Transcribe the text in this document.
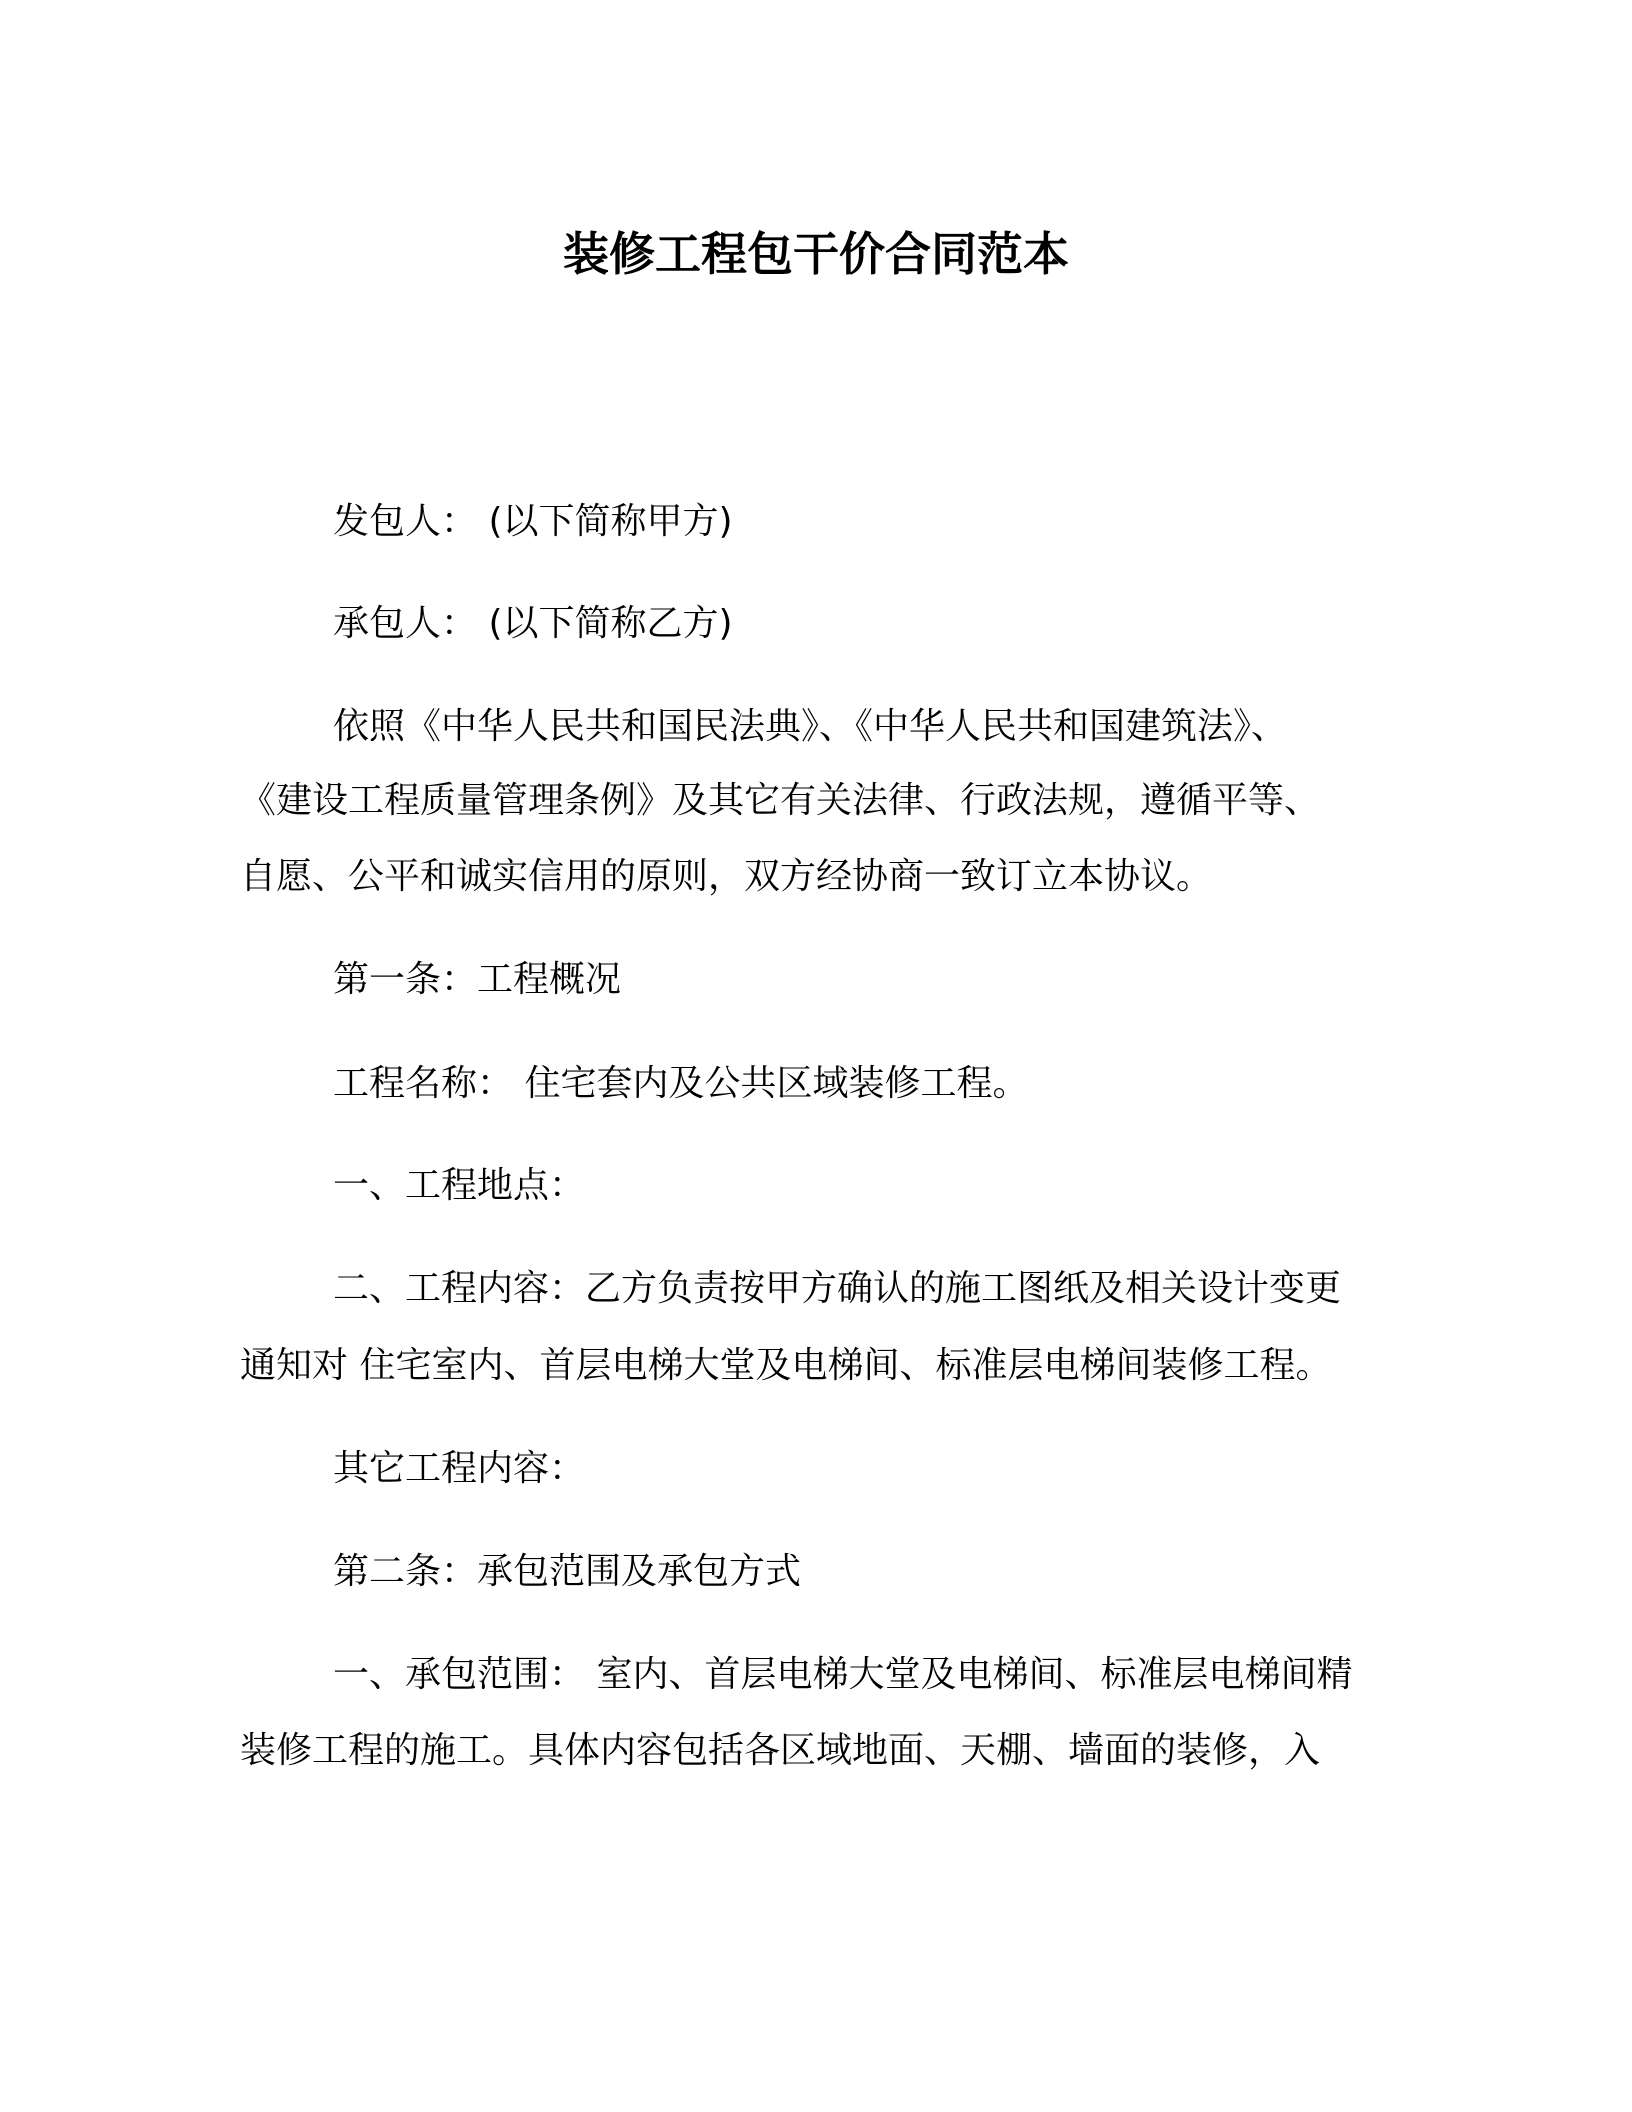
装修工程包干价合同范本
发包人： (以下简称甲方)
承包人： (以下简称乙方)
依照《中华人民共和国民法典》、《中华人民共和国建筑法》、
《建设工程质量管理条例》及其它有关法律、行政法规，遵循平等、
自愿、公平和诚实信用的原则，双方经协商一致订立本协议。
第一条：工程概况
工程名称： 住宅套内及公共区域装修工程。
一、工程地点：
二、工程内容：乙方负责按甲方确认的施工图纸及相关设计变更
通知对 住宅室内、首层电梯大堂及电梯间、标准层电梯间装修工程。
其它工程内容：
第二条：承包范围及承包方式
一、承包范围： 室内、首层电梯大堂及电梯间、标准层电梯间精
装修工程的施工。具体内容包括各区域地面、天棚、墙面的装修，入
